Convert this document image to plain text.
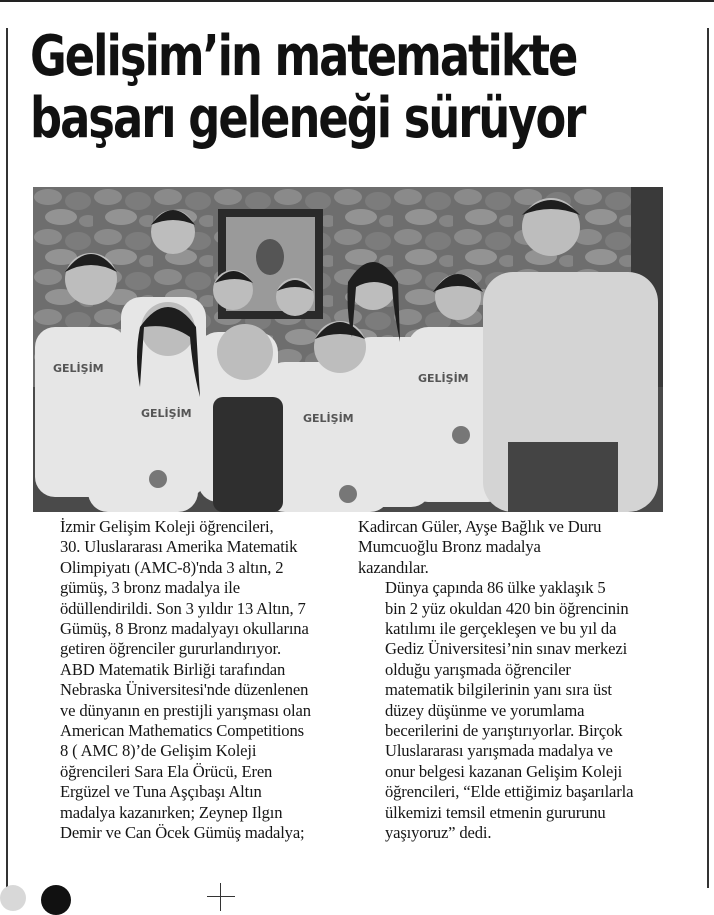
Gelişim’in matematikte
başarı geleneği sürüyor
GELİŞİM
GELİŞİM	GELİŞİM
GELİŞİM

İzmir Gelişim Koleji öğrencileri,
30. Uluslararası Amerika Matematik
Olimpiyatı (AMC-8)'nda 3 altın, 2
gümüş, 3 bronz madalya ile
ödüllendirildi. Son 3 yıldır 13 Altın, 7
Gümüş, 8 Bronz madalyayı okullarına
getiren öğrenciler gururlandırıyor.

ABD Matematik Birliği tarafından
Nebraska Üniversitesi'nde düzenlenen
ve dünyanın en prestijli yarışması olan
American Mathematics Competitions
8 ( AMC 8)’de Gelişim Koleji
öğrencileri Sara Ela Örücü, Eren
Ergüzel ve Tuna Aşçıbaşı Altın
madalya kazanırken; Zeynep Ilgın
Demir ve Can Öcek Gümüş madalya;

Kadircan Güler, Ayşe Bağlık ve Duru
Mumcuoğlu Bronz madalya
kazandılar.

Dünya çapında 86 ülke yaklaşık 5
bin 2 yüz okuldan 420 bin öğrencinin
katılımı ile gerçekleşen ve bu yıl da
Gediz Üniversitesi’nin sınav merkezi
olduğu yarışmada öğrenciler
matematik bilgilerinin yanı sıra üst
düzey düşünme ve yorumlama
becerilerini de yarıştırıyorlar. Birçok
Uluslararası yarışmada madalya ve
onur belgesi kazanan Gelişim Koleji
öğrencileri, “Elde ettiğimiz başarılarla
ülkemizi temsil etmenin gururunu
yaşıyoruz” dedi.
